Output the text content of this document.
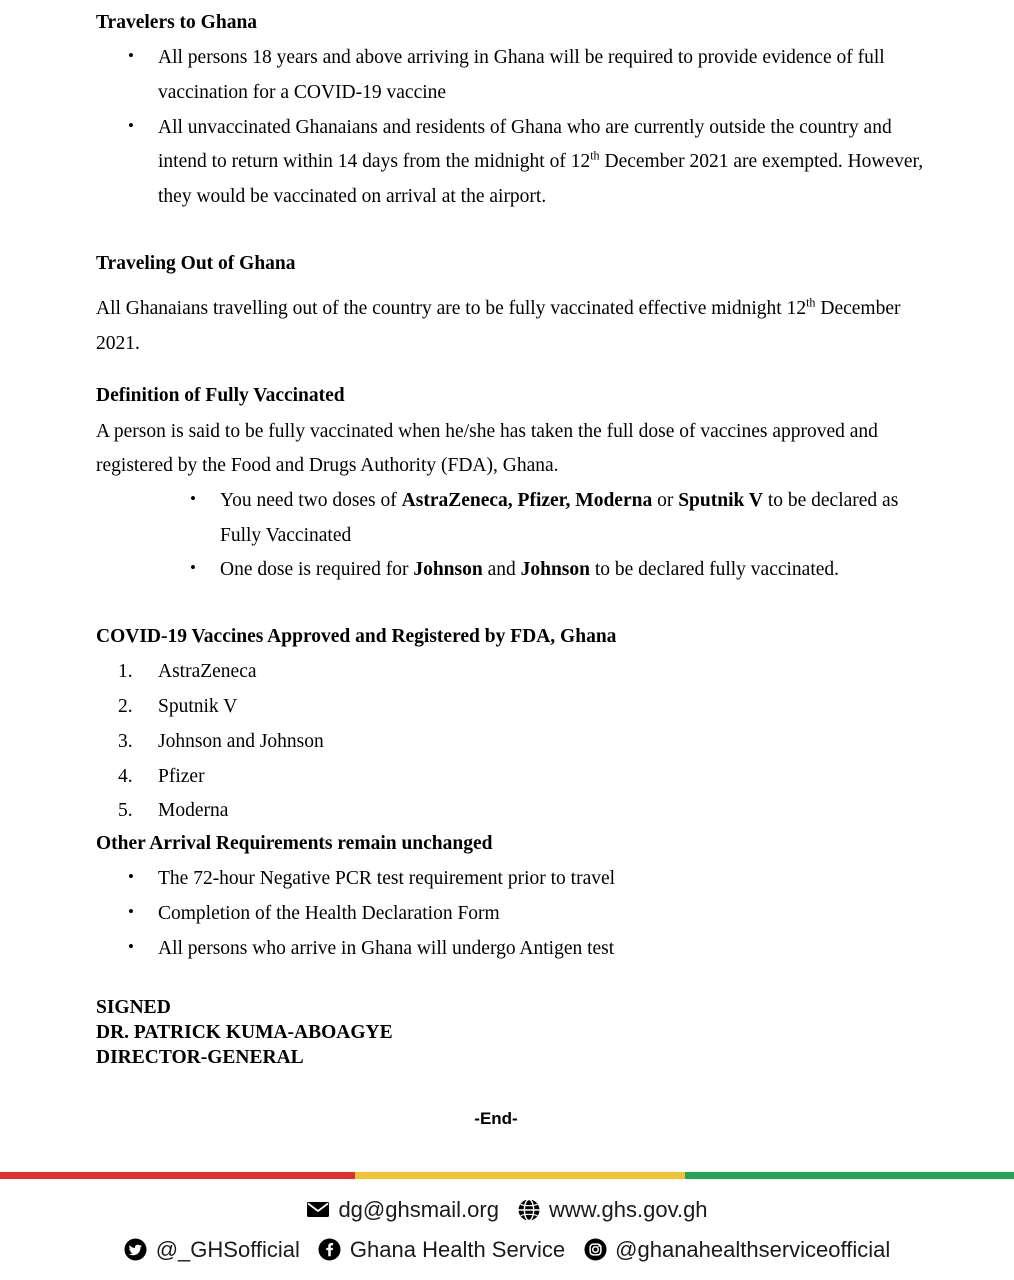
Travelers to Ghana
• All persons 18 years and above arriving in Ghana will be required to provide evidence of full vaccination for a COVID-19 vaccine
• All unvaccinated Ghanaians and residents of Ghana who are currently outside the country and intend to return within 14 days from the midnight of 12th December 2021 are exempted. However, they would be vaccinated on arrival at the airport.
Traveling Out of Ghana

All Ghanaians travelling out of the country are to be fully vaccinated effective midnight 12th December 2021.

Definition of Fully Vaccinated

A person is said to be fully vaccinated when he/she has taken the full dose of vaccines approved and registered by the Food and Drugs Authority (FDA), Ghana.

• You need two doses of AstraZeneca, Pfizer, Moderna or Sputnik V to be declared as Fully Vaccinated
• One dose is required for Johnson and Johnson to be declared fully vaccinated.
COVID-19 Vaccines Approved and Registered by FDA, Ghana
1. AstraZeneca
2. Sputnik V
3. Johnson and Johnson
4. Pfizer
5. Moderna
Other Arrival Requirements remain unchanged
• The 72-hour Negative PCR test requirement prior to travel
• Completion of the Health Declaration Form
• All persons who arrive in Ghana will undergo Antigen test
SIGNED
DR. PATRICK KUMA-ABOAGYE
DIRECTOR-GENERAL
-End-
dg@ghsmail.org www.ghs.gov.gh
@_GHSofficial Ghana Health Service @ghanahealthserviceofficial
